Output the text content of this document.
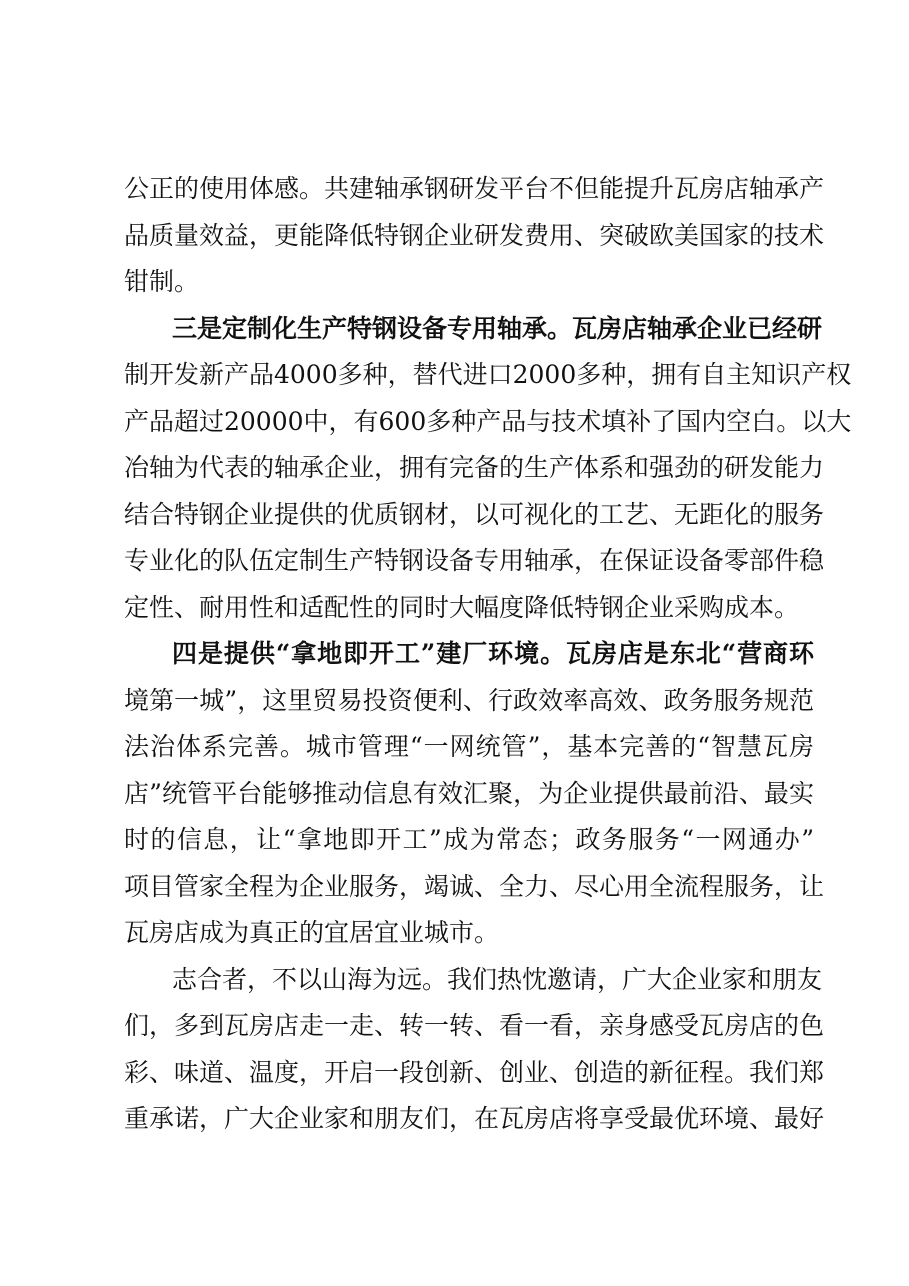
公正的使用体感。共建轴承钢研发平台不但能提升瓦房店轴承产
品质量效益，更能降低特钢企业研发费用、突破欧美国家的技术
钳制。
三是定制化生产特钢设备专用轴承。瓦房店轴承企业已经研
制开发新产品4000多种，替代进口2000多种，拥有自主知识产权
产品超过20000中，有600多种产品与技术填补了国内空白。以大
冶轴为代表的轴承企业，拥有完备的生产体系和强劲的研发能力
结合特钢企业提供的优质钢材，以可视化的工艺、无距化的服务
专业化的队伍定制生产特钢设备专用轴承，在保证设备零部件稳
定性、耐用性和适配性的同时大幅度降低特钢企业采购成本。
四是提供“拿地即开工”建厂环境。瓦房店是东北“营商环
境第一城”，这里贸易投资便利、行政效率高效、政务服务规范
法治体系完善。城市管理“一网统管”，基本完善的“智慧瓦房
店”统管平台能够推动信息有效汇聚，为企业提供最前沿、最实
时的信息，让“拿地即开工”成为常态；政务服务“一网通办”
项目管家全程为企业服务，竭诚、全力、尽心用全流程服务，让
瓦房店成为真正的宜居宜业城市。
志合者，不以山海为远。我们热忱邀请，广大企业家和朋友
们，多到瓦房店走一走、转一转、看一看，亲身感受瓦房店的色
彩、味道、温度，开启一段创新、创业、创造的新征程。我们郑
重承诺，广大企业家和朋友们，在瓦房店将享受最优环境、最好
